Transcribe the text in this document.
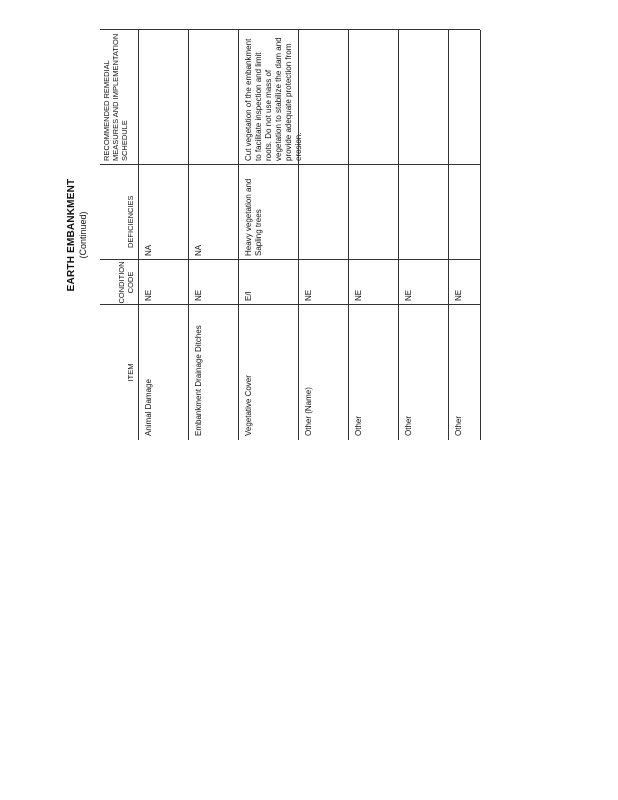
EARTH EMBANKMENT (Continued)
ITEM
CONDITION CODE
DEFICIENCIES
RECOMMENDED REMEDIAL MEASURES AND IMPLEMENTATION SCHEDULE
Animal Damage
NE
NA
Embankment Drainage Ditches
NE
NA
Vegetative Cover
E/I
Heavy vegetation and Sapling trees
Cut vegetation of the embankment to facilitate inspection and limit roots. Do not use mass of vegetation to stabilize the dam and provide adequate protection from erosion.
Other (Name)
NE
Other
NE
Other
NE
Other
NE
